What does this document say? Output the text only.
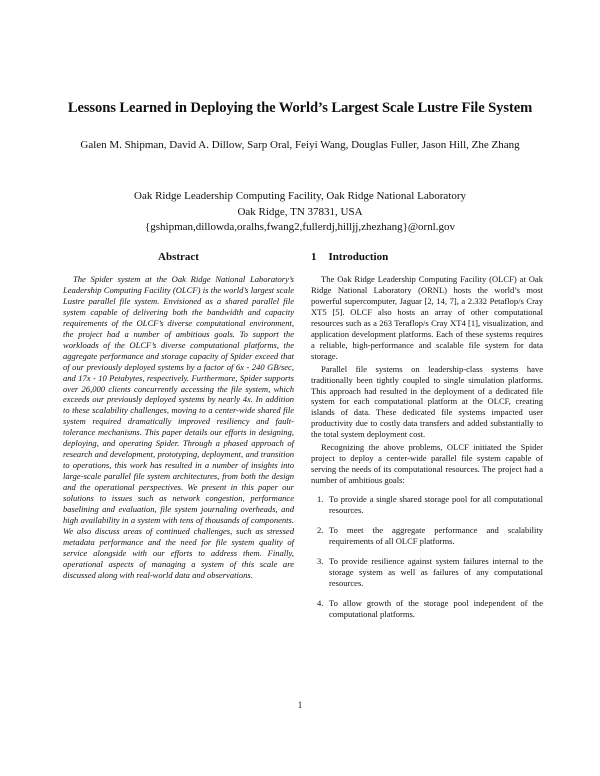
Lessons Learned in Deploying the World’s Largest Scale Lustre File System
Galen M. Shipman, David A. Dillow, Sarp Oral, Feiyi Wang, Douglas Fuller, Jason Hill, Zhe Zhang
Oak Ridge Leadership Computing Facility, Oak Ridge National Laboratory
Oak Ridge, TN 37831, USA
{gshipman,dillowda,oralhs,fwang2,fullerdj,hilljj,zhezhang}@ornl.gov
Abstract

The Spider system at the Oak Ridge National Laboratory’s Leadership Computing Facility (OLCF) is the world’s largest scale Lustre parallel file system. Envisioned as a shared parallel file system capable of delivering both the bandwidth and capacity requirements of the OLCF’s diverse computational environment, the project had a number of ambitious goals. To support the workloads of the OLCF’s diverse computational platforms, the aggregate performance and storage capacity of Spider exceed that of our previously deployed systems by a factor of 6x - 240 GB/sec, and 17x - 10 Petabytes, respectively. Furthermore, Spider supports over 26,000 clients concurrently accessing the file system, which exceeds our previously deployed systems by nearly 4x. In addition to these scalability challenges, moving to a center-wide shared file system required dramatically improved resiliency and fault-tolerance mechanisms. This paper details our efforts in designing, deploying, and operating Spider. Through a phased approach of research and development, prototyping, deployment, and transition to operations, this work has resulted in a number of insights into large-scale parallel file system architectures, from both the design and the operational perspectives. We present in this paper our solutions to issues such as network congestion, performance baselining and evaluation, file system journaling overheads, and high availability in a system with tens of thousands of components. We also discuss areas of continued challenges, such as stressed metadata performance and the need for file system quality of service alongside with our efforts to address them. Finally, operational aspects of managing a system of this scale are discussed along with real-world data and observations.

1 Introduction

The Oak Ridge Leadership Computing Facility (OLCF) at Oak Ridge National Laboratory (ORNL) hosts the world’s most powerful supercomputer, Jaguar [2, 14, 7], a 2.332 Petaflop/s Cray XT5 [5]. OLCF also hosts an array of other computational resources such as a 263 Teraflop/s Cray XT4 [1], visualization, and application development platforms. Each of these systems requires a reliable, high-performance and scalable file system for data storage.

Parallel file systems on leadership-class systems have traditionally been tightly coupled to single simulation platforms. This approach had resulted in the deployment of a dedicated file system for each computational platform at the OLCF, creating islands of data. These dedicated file systems impacted user productivity due to costly data transfers and added substantially to the total system deployment cost.

Recognizing the above problems, OLCF initiated the Spider project to deploy a center-wide parallel file system capable of serving the needs of its computational resources. The project had a number of ambitious goals:

1. To provide a single shared storage pool for all computational resources.
2. To meet the aggregate performance and scalability requirements of all OLCF platforms.
3. To provide resilience against system failures internal to the storage system as well as failures of any computational resources.
4. To allow growth of the storage pool independent of the computational platforms.
1
